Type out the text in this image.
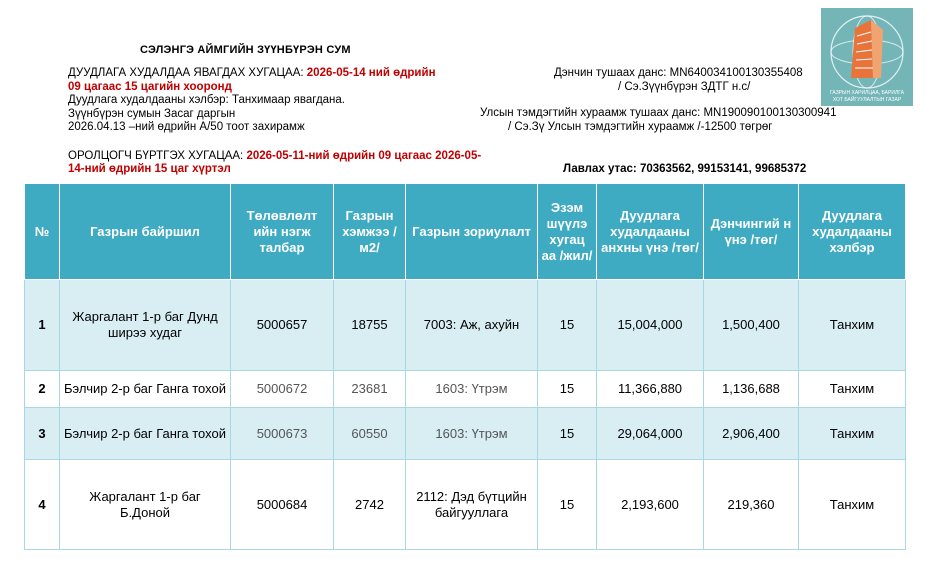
СЭЛЭНГЭ АЙМГИЙН ЗҮҮНБҮРЭН СУМ
ДУУДЛАГА ХУДАЛДАА ЯВАГДАХ ХУГАЦАА: 2026-05-14 ний өдрийн 09 цагаас 15 цагийн хооронд
Дуудлага худалдааны хэлбэр: Танхимаар явагдана.
Зүүнбүрэн сумын Засаг даргын
2026.04.13 –ний өдрийн А/50 тоот захирамж
Дэнчин тушаах данс: MN640034100130355408
/ Сэ.Зүүнбүрэн ЗДТГ н.с/
Улсын тэмдэгтийн хураамж тушаах данс: MN190090100130300941
/ Сэ.Зү Улсын тэмдэгтийн хураамж /-12500 төгрөг
ОРОЛЦОГЧ БҮРТГЭХ ХУГАЦАА: 2026-05-11-ний өдрийн 09 цагаас 2026-05-14-ний өдрийн 15 цаг хүртэл	Лавлах утас: 70363562, 99153141, 99685372
ГАЗРЫН ХАРИЛЦАА, БАРИЛГА
ХОТ БАЙГУУЛАЛТЫН ГАЗАР
№	Газрын байршил	Төлөвлөлт ийн нэгж талбар	Газрын хэмжээ /м2/	Газрын зориулалт	Эзэм шүүлэ хугац аа /жил/	Дуудлага худалдааны анхны үнэ /төг/	Дэнчингий н үнэ /төг/	Дуудлага худалдааны хэлбэр
1	Жаргалант 1-р баг Дунд ширээ худаг	5000657	18755	7003: Аж, ахуйн	15	15,004,000	1,500,400	Танхим
2	Бэлчир 2-р баг Ганга тохой	5000672	23681	1603: Үтрэм	15	11,366,880	1,136,688	Танхим
3	Бэлчир 2-р баг Ганга тохой	5000673	60550	1603: Үтрэм	15	29,064,000	2,906,400	Танхим
4	Жаргалант 1-р баг Б.Доной	5000684	2742	2112: Дэд бүтцийн байгууллага	15	2,193,600	219,360	Танхим
